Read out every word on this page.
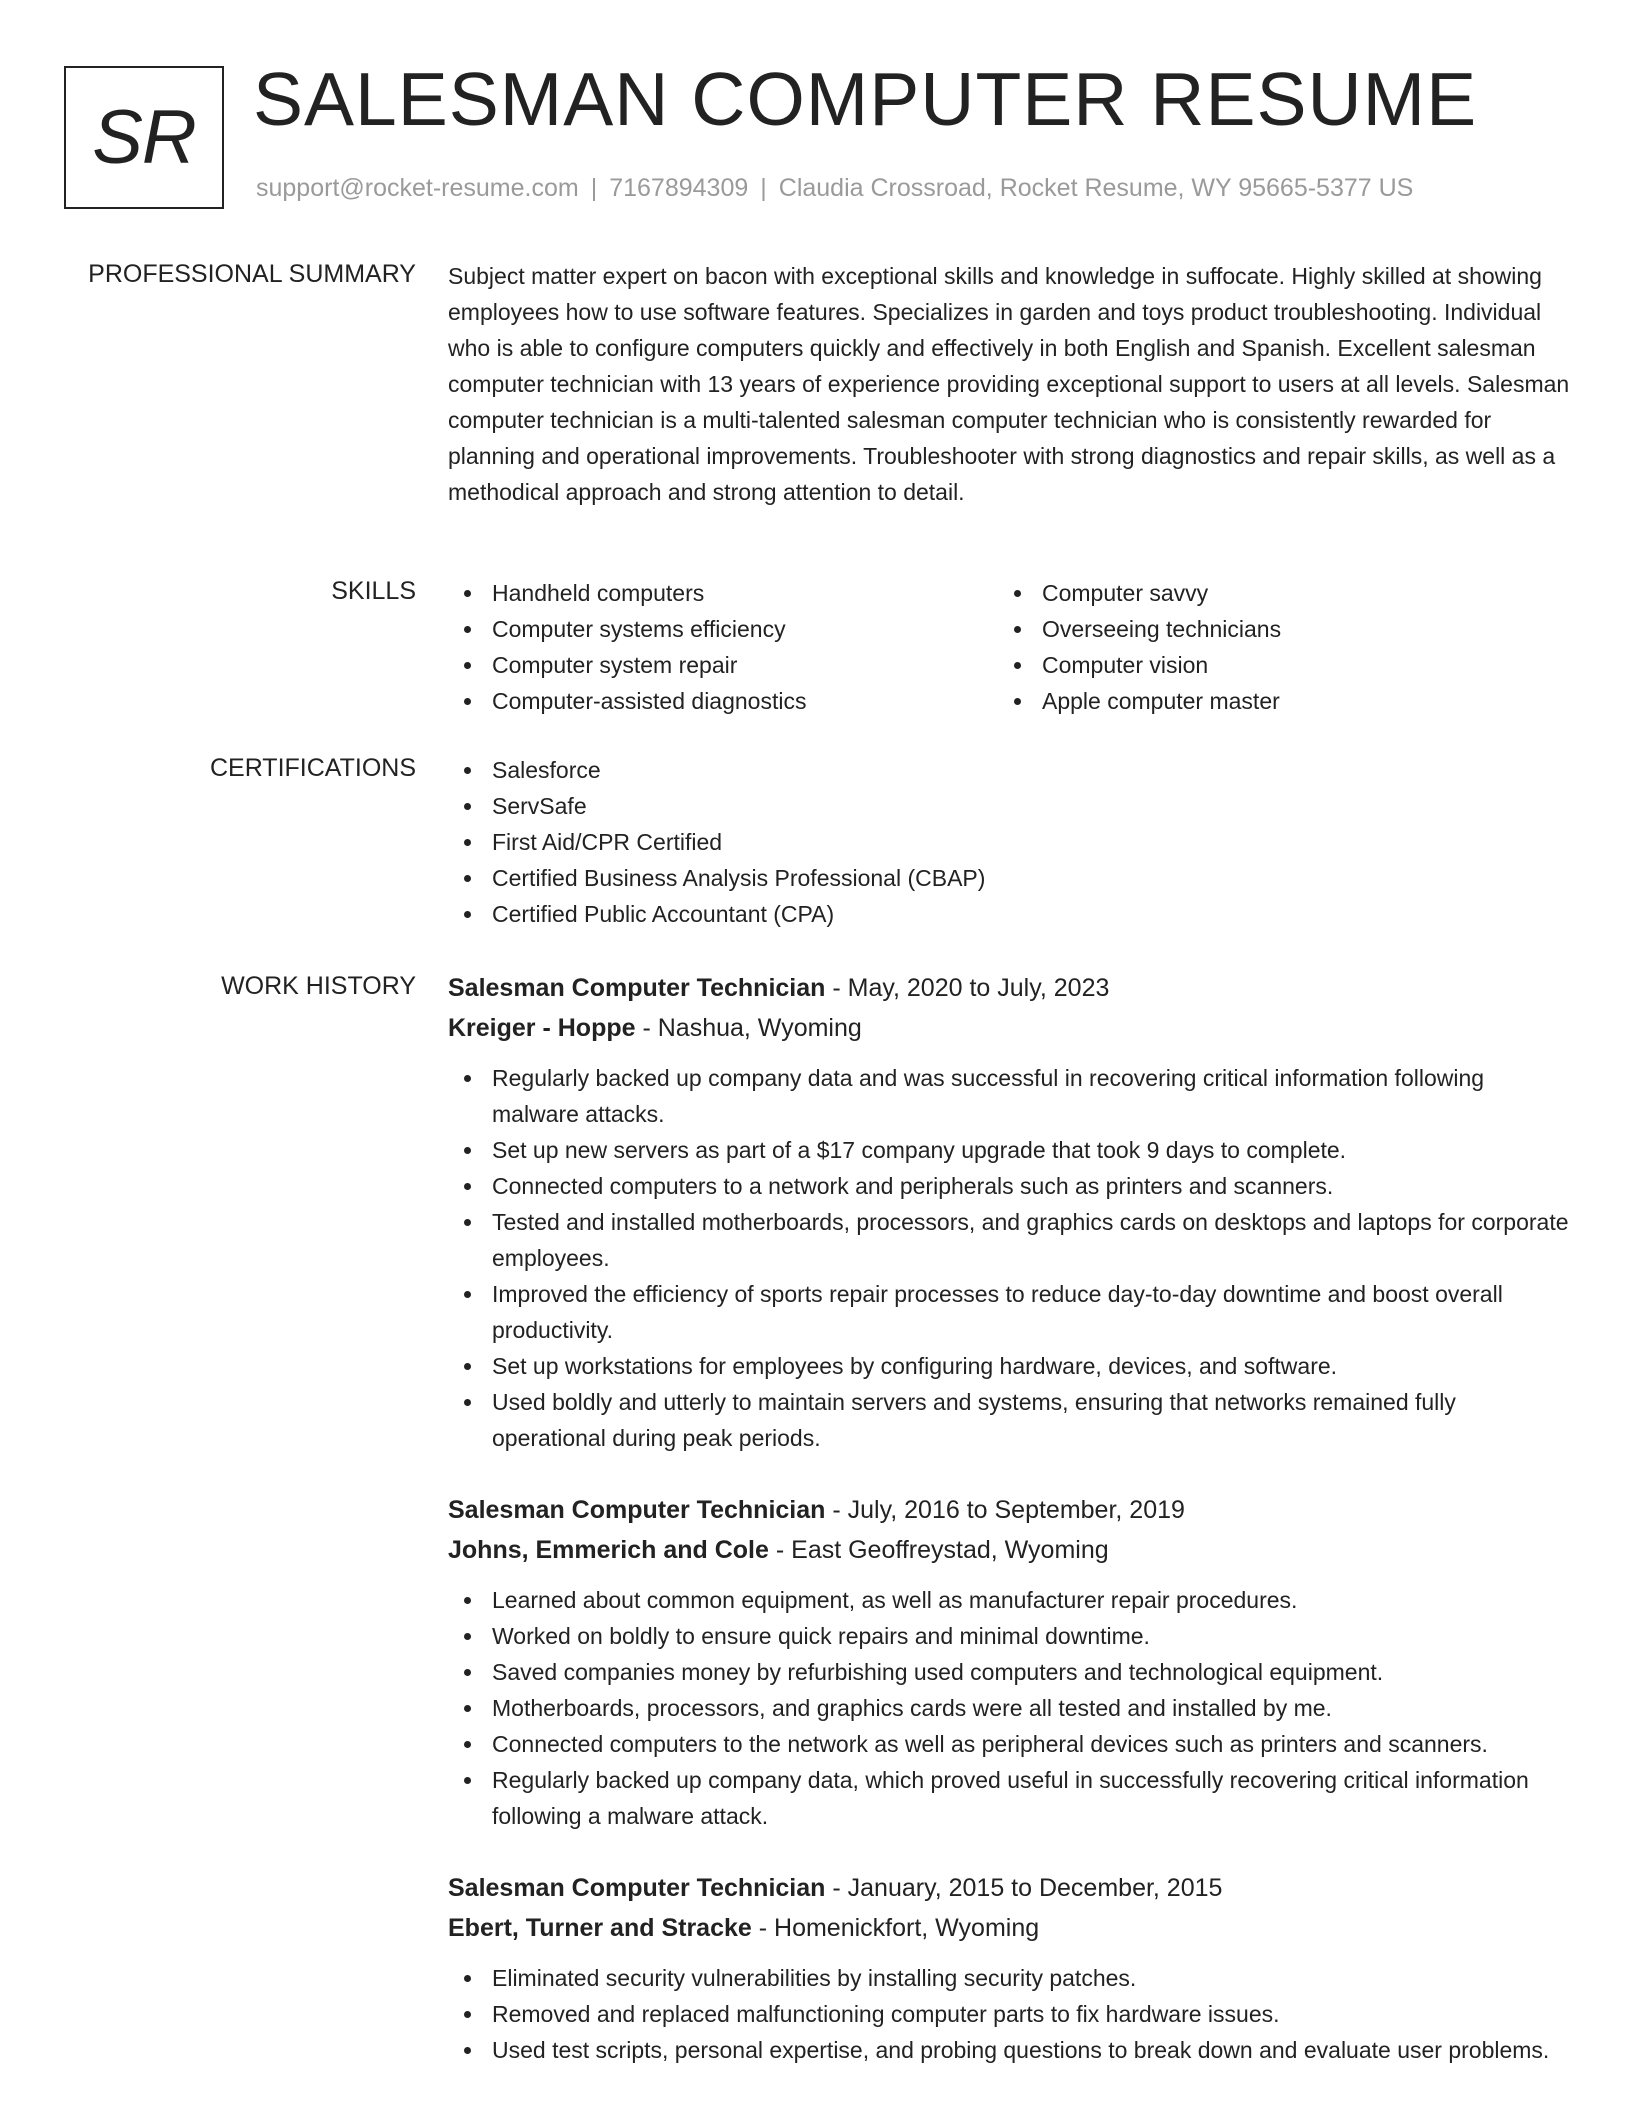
SR SALESMAN COMPUTER RESUME
support@rocket-resume.com | 7167894309 | Claudia Crossroad, Rocket Resume, WY 95665-5377 US
PROFESSIONAL SUMMARY Subject matter expert on bacon with exceptional skills and knowledge in suffocate. Highly skilled at showing employees how to use software features. Specializes in garden and toys product troubleshooting. Individual who is able to configure computers quickly and effectively in both English and Spanish. Excellent salesman computer technician with 13 years of experience providing exceptional support to users at all levels. Salesman computer technician is a multi-talented salesman computer technician who is consistently rewarded for planning and operational improvements. Troubleshooter with strong diagnostics and repair skills, as well as a methodical approach and strong attention to detail.

SKILLS	Handheld computers
Computer systems efficiency
Computer system repair
Computer-assisted diagnostics
Computer savvy
Overseeing technicians
Computer vision
Apple computer master
CERTIFICATIONS	Salesforce
ServSafe
First Aid/CPR Certified
Certified Business Analysis Professional (CBAP)
Certified Public Accountant (CPA)
WORK HISTORY Salesman Computer Technician - May, 2020 to July, 2023
Kreiger - Hoppe - Nashua, Wyoming
Regularly backed up company data and was successful in recovering critical information following malware attacks.
Set up new servers as part of a $17 company upgrade that took 9 days to complete.
Connected computers to a network and peripherals such as printers and scanners.
Tested and installed motherboards, processors, and graphics cards on desktops and laptops for corporate employees.
Improved the efficiency of sports repair processes to reduce day-to-day downtime and boost overall productivity.
Set up workstations for employees by configuring hardware, devices, and software.
Used boldly and utterly to maintain servers and systems, ensuring that networks remained fully operational during peak periods.
Salesman Computer Technician - July, 2016 to September, 2019
Johns, Emmerich and Cole - East Geoffreystad, Wyoming
Learned about common equipment, as well as manufacturer repair procedures.
Worked on boldly to ensure quick repairs and minimal downtime.
Saved companies money by refurbishing used computers and technological equipment.
Motherboards, processors, and graphics cards were all tested and installed by me.
Connected computers to the network as well as peripheral devices such as printers and scanners.
Regularly backed up company data, which proved useful in successfully recovering critical information following a malware attack.
Salesman Computer Technician - January, 2015 to December, 2015
Ebert, Turner and Stracke - Homenickfort, Wyoming
Eliminated security vulnerabilities by installing security patches.
Removed and replaced malfunctioning computer parts to fix hardware issues.
Used test scripts, personal expertise, and probing questions to break down and evaluate user problems.
